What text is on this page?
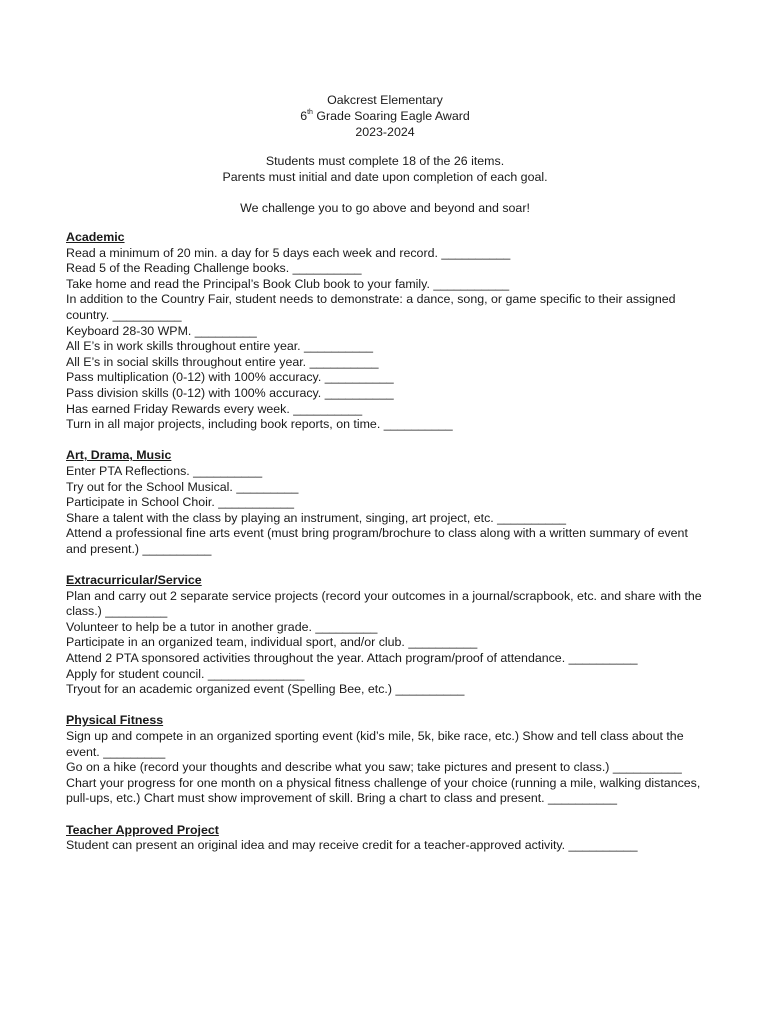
Oakcrest Elementary
6th Grade Soaring Eagle Award
2023-2024
Students must complete 18 of the 26 items.
Parents must initial and date upon completion of each goal.
We challenge you to go above and beyond and soar!
Academic
Read a minimum of 20 min. a day for 5 days each week and record. __________
Read 5 of the Reading Challenge books. __________
Take home and read the Principal’s Book Club book to your family. ___________
In addition to the Country Fair, student needs to demonstrate: a dance, song, or game specific to their assigned country. __________
Keyboard 28-30 WPM. _________
All E’s in work skills throughout entire year. __________
All E’s in social skills throughout entire year. __________
Pass multiplication (0-12) with 100% accuracy. __________
Pass division skills (0-12) with 100% accuracy. __________
Has earned Friday Rewards every week. __________
Turn in all major projects, including book reports, on time. __________
Art, Drama, Music
Enter PTA Reflections. __________
Try out for the School Musical. _________
Participate in School Choir. ___________
Share a talent with the class by playing an instrument, singing, art project, etc. __________
Attend a professional fine arts event (must bring program/brochure to class along with a written summary of event and present.) __________
Extracurricular/Service
Plan and carry out 2 separate service projects (record your outcomes in a journal/scrapbook, etc. and share with the class.) _________
Volunteer to help be a tutor in another grade. _________
Participate in an organized team, individual sport, and/or club. __________
Attend 2 PTA sponsored activities throughout the year. Attach program/proof of attendance. __________
Apply for student council. ______________
Tryout for an academic organized event (Spelling Bee, etc.) __________
Physical Fitness
Sign up and compete in an organized sporting event (kid’s mile, 5k, bike race, etc.) Show and tell class about the event. _________
Go on a hike (record your thoughts and describe what you saw; take pictures and present to class.) __________
Chart your progress for one month on a physical fitness challenge of your choice (running a mile, walking distances, pull-ups, etc.) Chart must show improvement of skill. Bring a chart to class and present. __________
Teacher Approved Project
Student can present an original idea and may receive credit for a teacher-approved activity. __________
